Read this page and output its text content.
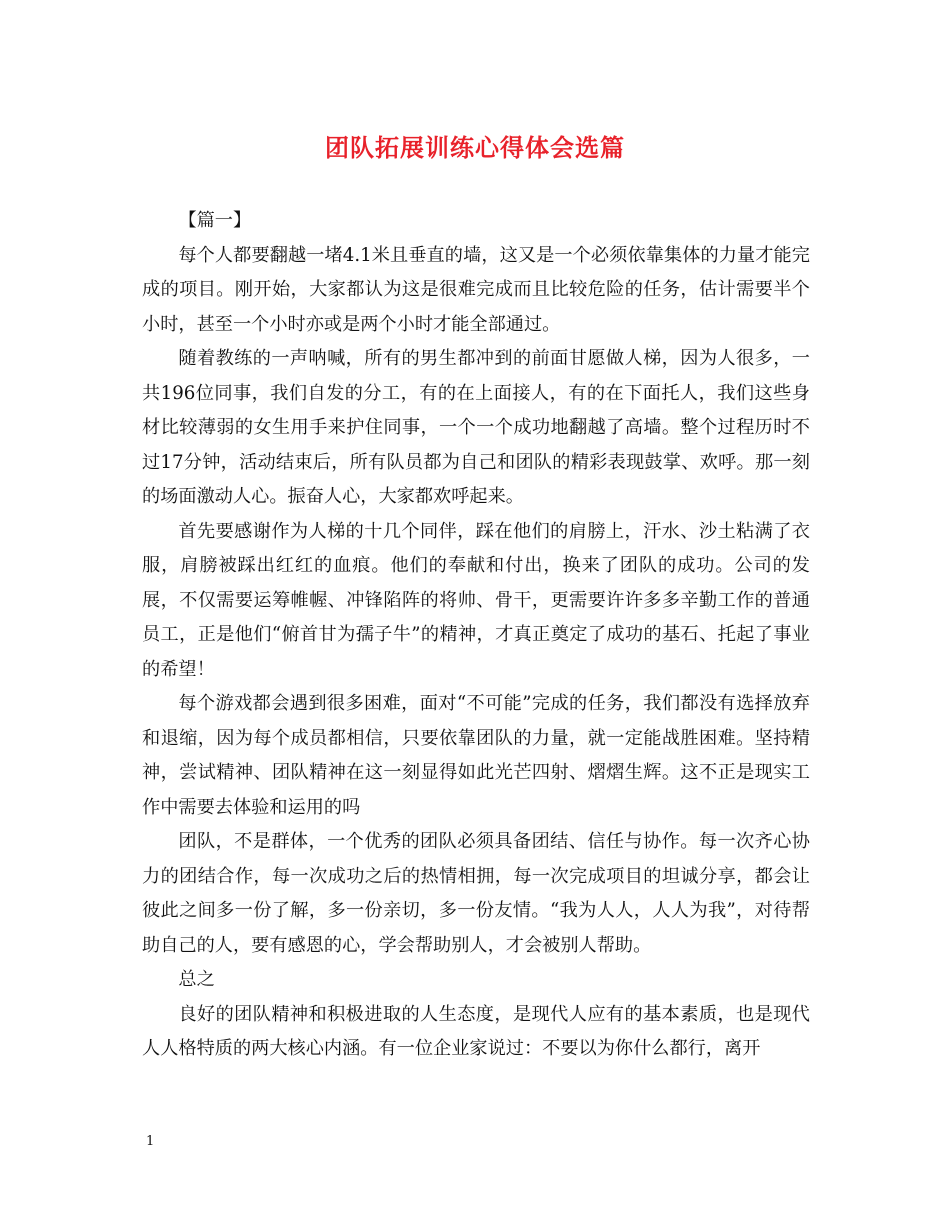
团队拓展训练心得体会选篇

【篇一】

每个人都要翻越一堵4.1米且垂直的墙，这又是一个必须依靠集体的力量才能完成的项目。刚开始，大家都认为这是很难完成而且比较危险的任务，估计需要半个小时，甚至一个小时亦或是两个小时才能全部通过。

随着教练的一声呐喊，所有的男生都冲到的前面甘愿做人梯，因为人很多，一共196位同事，我们自发的分工，有的在上面接人，有的在下面托人，我们这些身材比较薄弱的女生用手来护住同事，一个一个成功地翻越了高墙。整个过程历时不过17分钟，活动结束后，所有队员都为自己和团队的精彩表现鼓掌、欢呼。那一刻的场面激动人心。振奋人心，大家都欢呼起来。

首先要感谢作为人梯的十几个同伴，踩在他们的肩膀上，汗水、沙土粘满了衣服，肩膀被踩出红红的血痕。他们的奉献和付出，换来了团队的成功。公司的发展，不仅需要运筹帷幄、冲锋陷阵的将帅、骨干，更需要许许多多辛勤工作的普通员工，正是他们“俯首甘为孺子牛”的精神，才真正奠定了成功的基石、托起了事业的希望！

每个游戏都会遇到很多困难，面对“不可能”完成的任务，我们都没有选择放弃和退缩，因为每个成员都相信，只要依靠团队的力量，就一定能战胜困难。坚持精神，尝试精神、团队精神在这一刻显得如此光芒四射、熠熠生辉。这不正是现实工作中需要去体验和运用的吗

团队，不是群体，一个优秀的团队必须具备团结、信任与协作。每一次齐心协力的团结合作，每一次成功之后的热情相拥，每一次完成项目的坦诚分享，都会让彼此之间多一份了解，多一份亲切，多一份友情。“我为人人，人人为我”，对待帮助自己的人，要有感恩的心，学会帮助别人，才会被别人帮助。

总之

良好的团队精神和积极进取的人生态度，是现代人应有的基本素质，也是现代人人格特质的两大核心内涵。有一位企业家说过：不要以为你什么都行，离开

1
